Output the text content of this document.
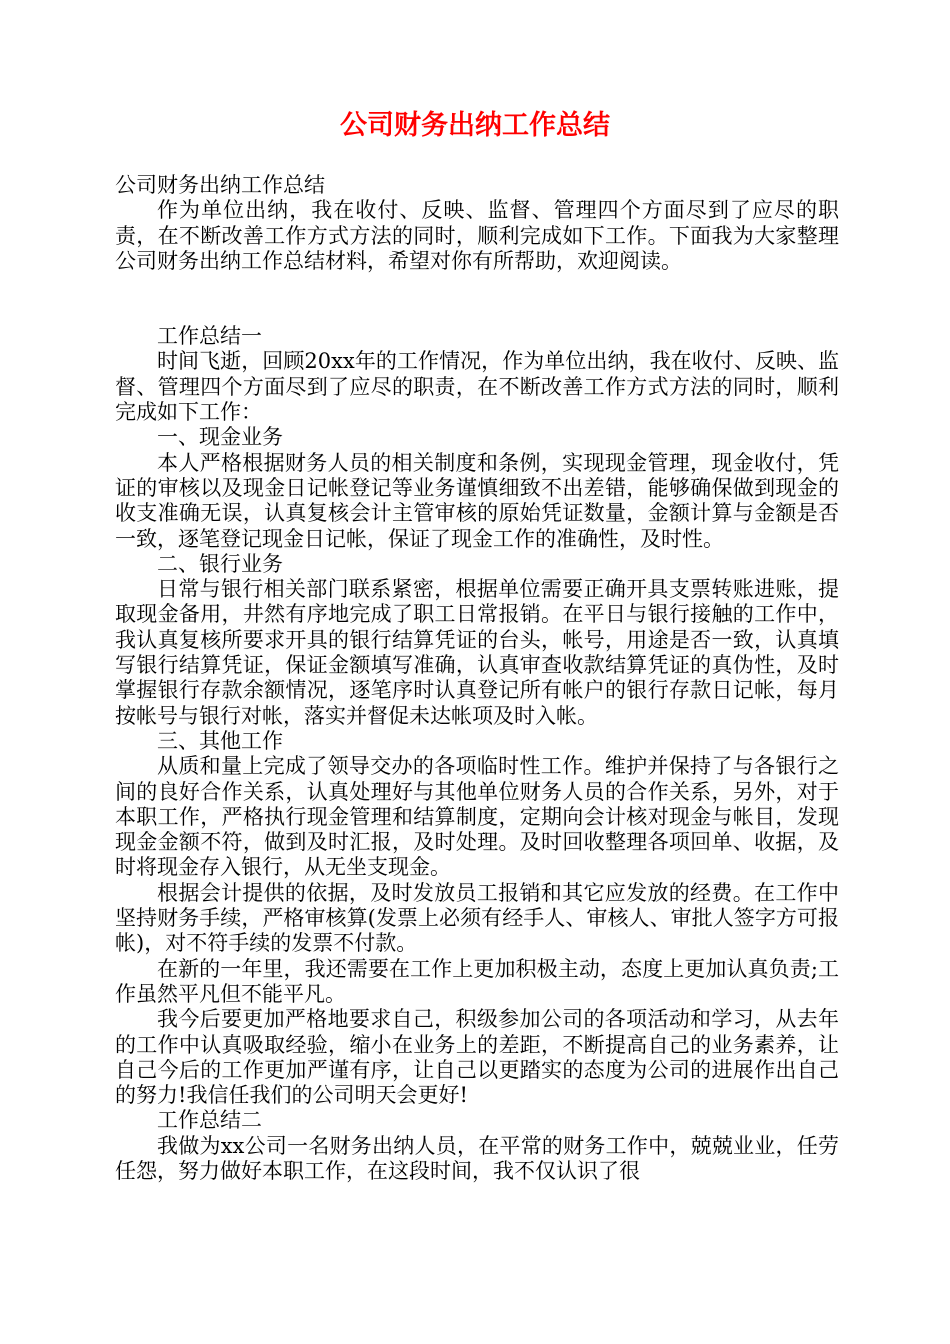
公司财务出纳工作总结

公司财务出纳工作总结

作为单位出纳，我在收付、反映、监督、管理四个方面尽到了应尽的职责，在不断改善工作方式方法的同时，顺利完成如下工作。下面我为大家整理公司财务出纳工作总结材料，希望对你有所帮助，欢迎阅读。

工作总结一

时间飞逝，回顾20xx年的工作情况，作为单位出纳，我在收付、反映、监督、管理四个方面尽到了应尽的职责，在不断改善工作方式方法的同时，顺利完成如下工作：

一、现金业务

本人严格根据财务人员的相关制度和条例，实现现金管理，现金收付，凭证的审核以及现金日记帐登记等业务谨慎细致不出差错，能够确保做到现金的收支准确无误，认真复核会计主管审核的原始凭证数量，金额计算与金额是否一致，逐笔登记现金日记帐，保证了现金工作的准确性，及时性。

二、银行业务

日常与银行相关部门联系紧密，根据单位需要正确开具支票转账进账，提取现金备用，井然有序地完成了职工日常报销。在平日与银行接触的工作中，我认真复核所要求开具的银行结算凭证的台头，帐号，用途是否一致，认真填写银行结算凭证，保证金额填写准确，认真审查收款结算凭证的真伪性，及时掌握银行存款余额情况，逐笔序时认真登记所有帐户的银行存款日记帐，每月按帐号与银行对帐，落实并督促未达帐项及时入帐。

三、其他工作

从质和量上完成了领导交办的各项临时性工作。维护并保持了与各银行之间的良好合作关系，认真处理好与其他单位财务人员的合作关系，另外，对于本职工作，严格执行现金管理和结算制度，定期向会计核对现金与帐目，发现现金金额不符，做到及时汇报，及时处理。及时回收整理各项回单、收据，及时将现金存入银行，从无坐支现金。

根据会计提供的依据，及时发放员工报销和其它应发放的经费。在工作中坚持财务手续，严格审核算(发票上必须有经手人、审核人、审批人签字方可报帐)，对不符手续的发票不付款。

在新的一年里，我还需要在工作上更加积极主动，态度上更加认真负责;工作虽然平凡但不能平凡。

我今后要更加严格地要求自己，积级参加公司的各项活动和学习，从去年的工作中认真吸取经验，缩小在业务上的差距，不断提高自己的业务素养，让自己今后的工作更加严谨有序，让自己以更踏实的态度为公司的进展作出自己的努力!我信任我们的公司明天会更好!

工作总结二

我做为xx公司一名财务出纳人员，在平常的财务工作中，兢兢业业，任劳任怨，努力做好本职工作，在这段时间，我不仅认识了很
